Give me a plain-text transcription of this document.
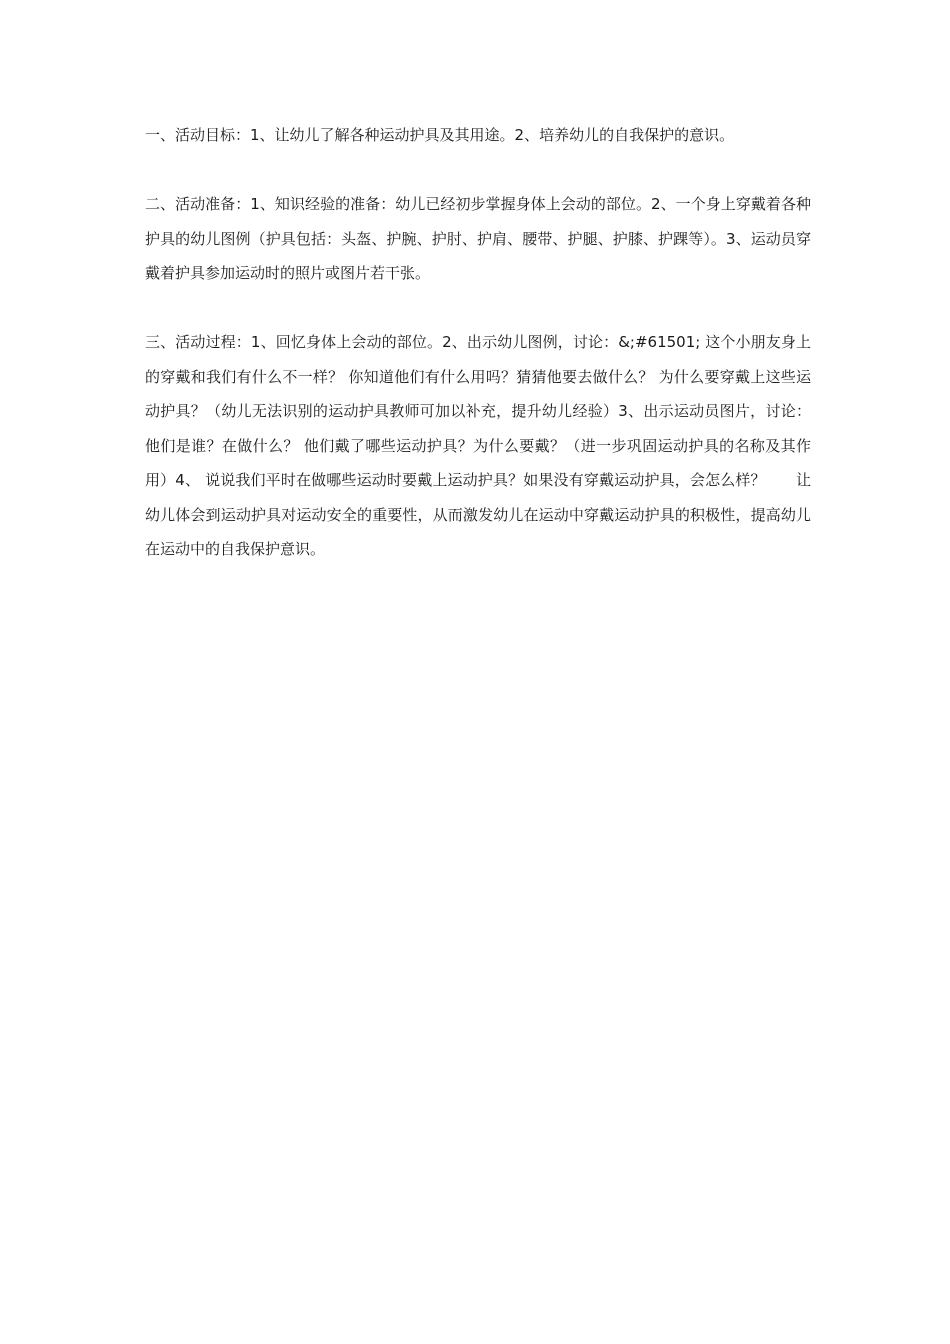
一、活动目标：1、让幼儿了解各种运动护具及其用途。2、培养幼儿的自我保护的意识。

二、活动准备：1、知识经验的准备：幼儿已经初步掌握身体上会动的部位。2、一个身上穿戴着各种护具的幼儿图例（护具包括：头盔、护腕、护肘、护肩、腰带、护腿、护膝、护踝等）。3、运动员穿戴着护具参加运动时的照片或图片若干张。

三、活动过程：1、回忆身体上会动的部位。2、出示幼儿图例，讨论：&;#61501; 这个小朋友身上的穿戴和我们有什么不一样？ 你知道他们有什么用吗？猜猜他要去做什么？ 为什么要穿戴上这些运动护具？（幼儿无法识别的运动护具教师可加以补充，提升幼儿经验）3、出示运动员图片，讨论：他们是谁？在做什么？ 他们戴了哪些运动护具？为什么要戴？（进一步巩固运动护具的名称及其作用）4、 说说我们平时在做哪些运动时要戴上运动护具？如果没有穿戴运动护具，会怎么样？　　让幼儿体会到运动护具对运动安全的重要性，从而激发幼儿在运动中穿戴运动护具的积极性，提高幼儿在运动中的自我保护意识。
